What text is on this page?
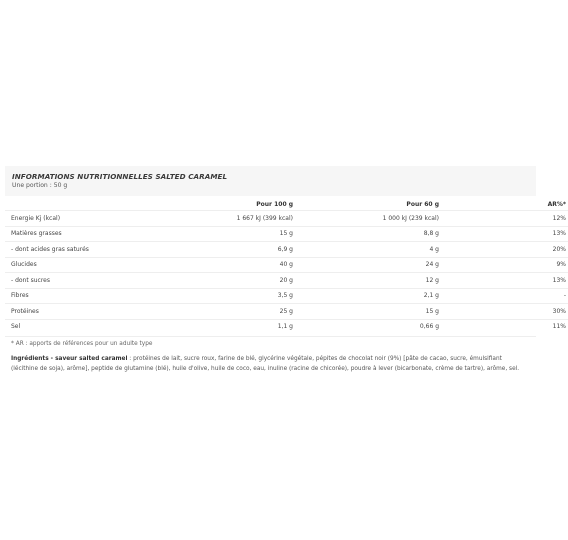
INFORMATIONS NUTRITIONNELLES SALTED CARAMEL
Une portion : 50 g
	Pour 100 g	Pour 60 g	AR%*
Energie Kj (kcal)	1 667 kJ (399 kcal)	1 000 kJ (239 kcal)	12%
Matières grasses	15 g	8,8 g	13%
- dont acides gras saturés	6,9 g	4 g	20%
Glucides	40 g	24 g	9%
- dont sucres	20 g	12 g	13%
Fibres	3,5 g	2,1 g	-
Protéines	25 g	15 g	30%
Sel	1,1 g	0,66 g	11%
* AR : apports de références pour un adulte type
Ingrédients - saveur salted caramel : protéines de lait, sucre roux, farine de blé, glycérine végétale, pépites de chocolat noir (9%) [pâte de cacao, sucre, émulsifiant (lécithine de soja), arôme], peptide de glutamine (blé), huile d'olive, huile de coco, eau, inuline (racine de chicorée), poudre à lever (bicarbonate, crème de tartre), arôme, sel.
